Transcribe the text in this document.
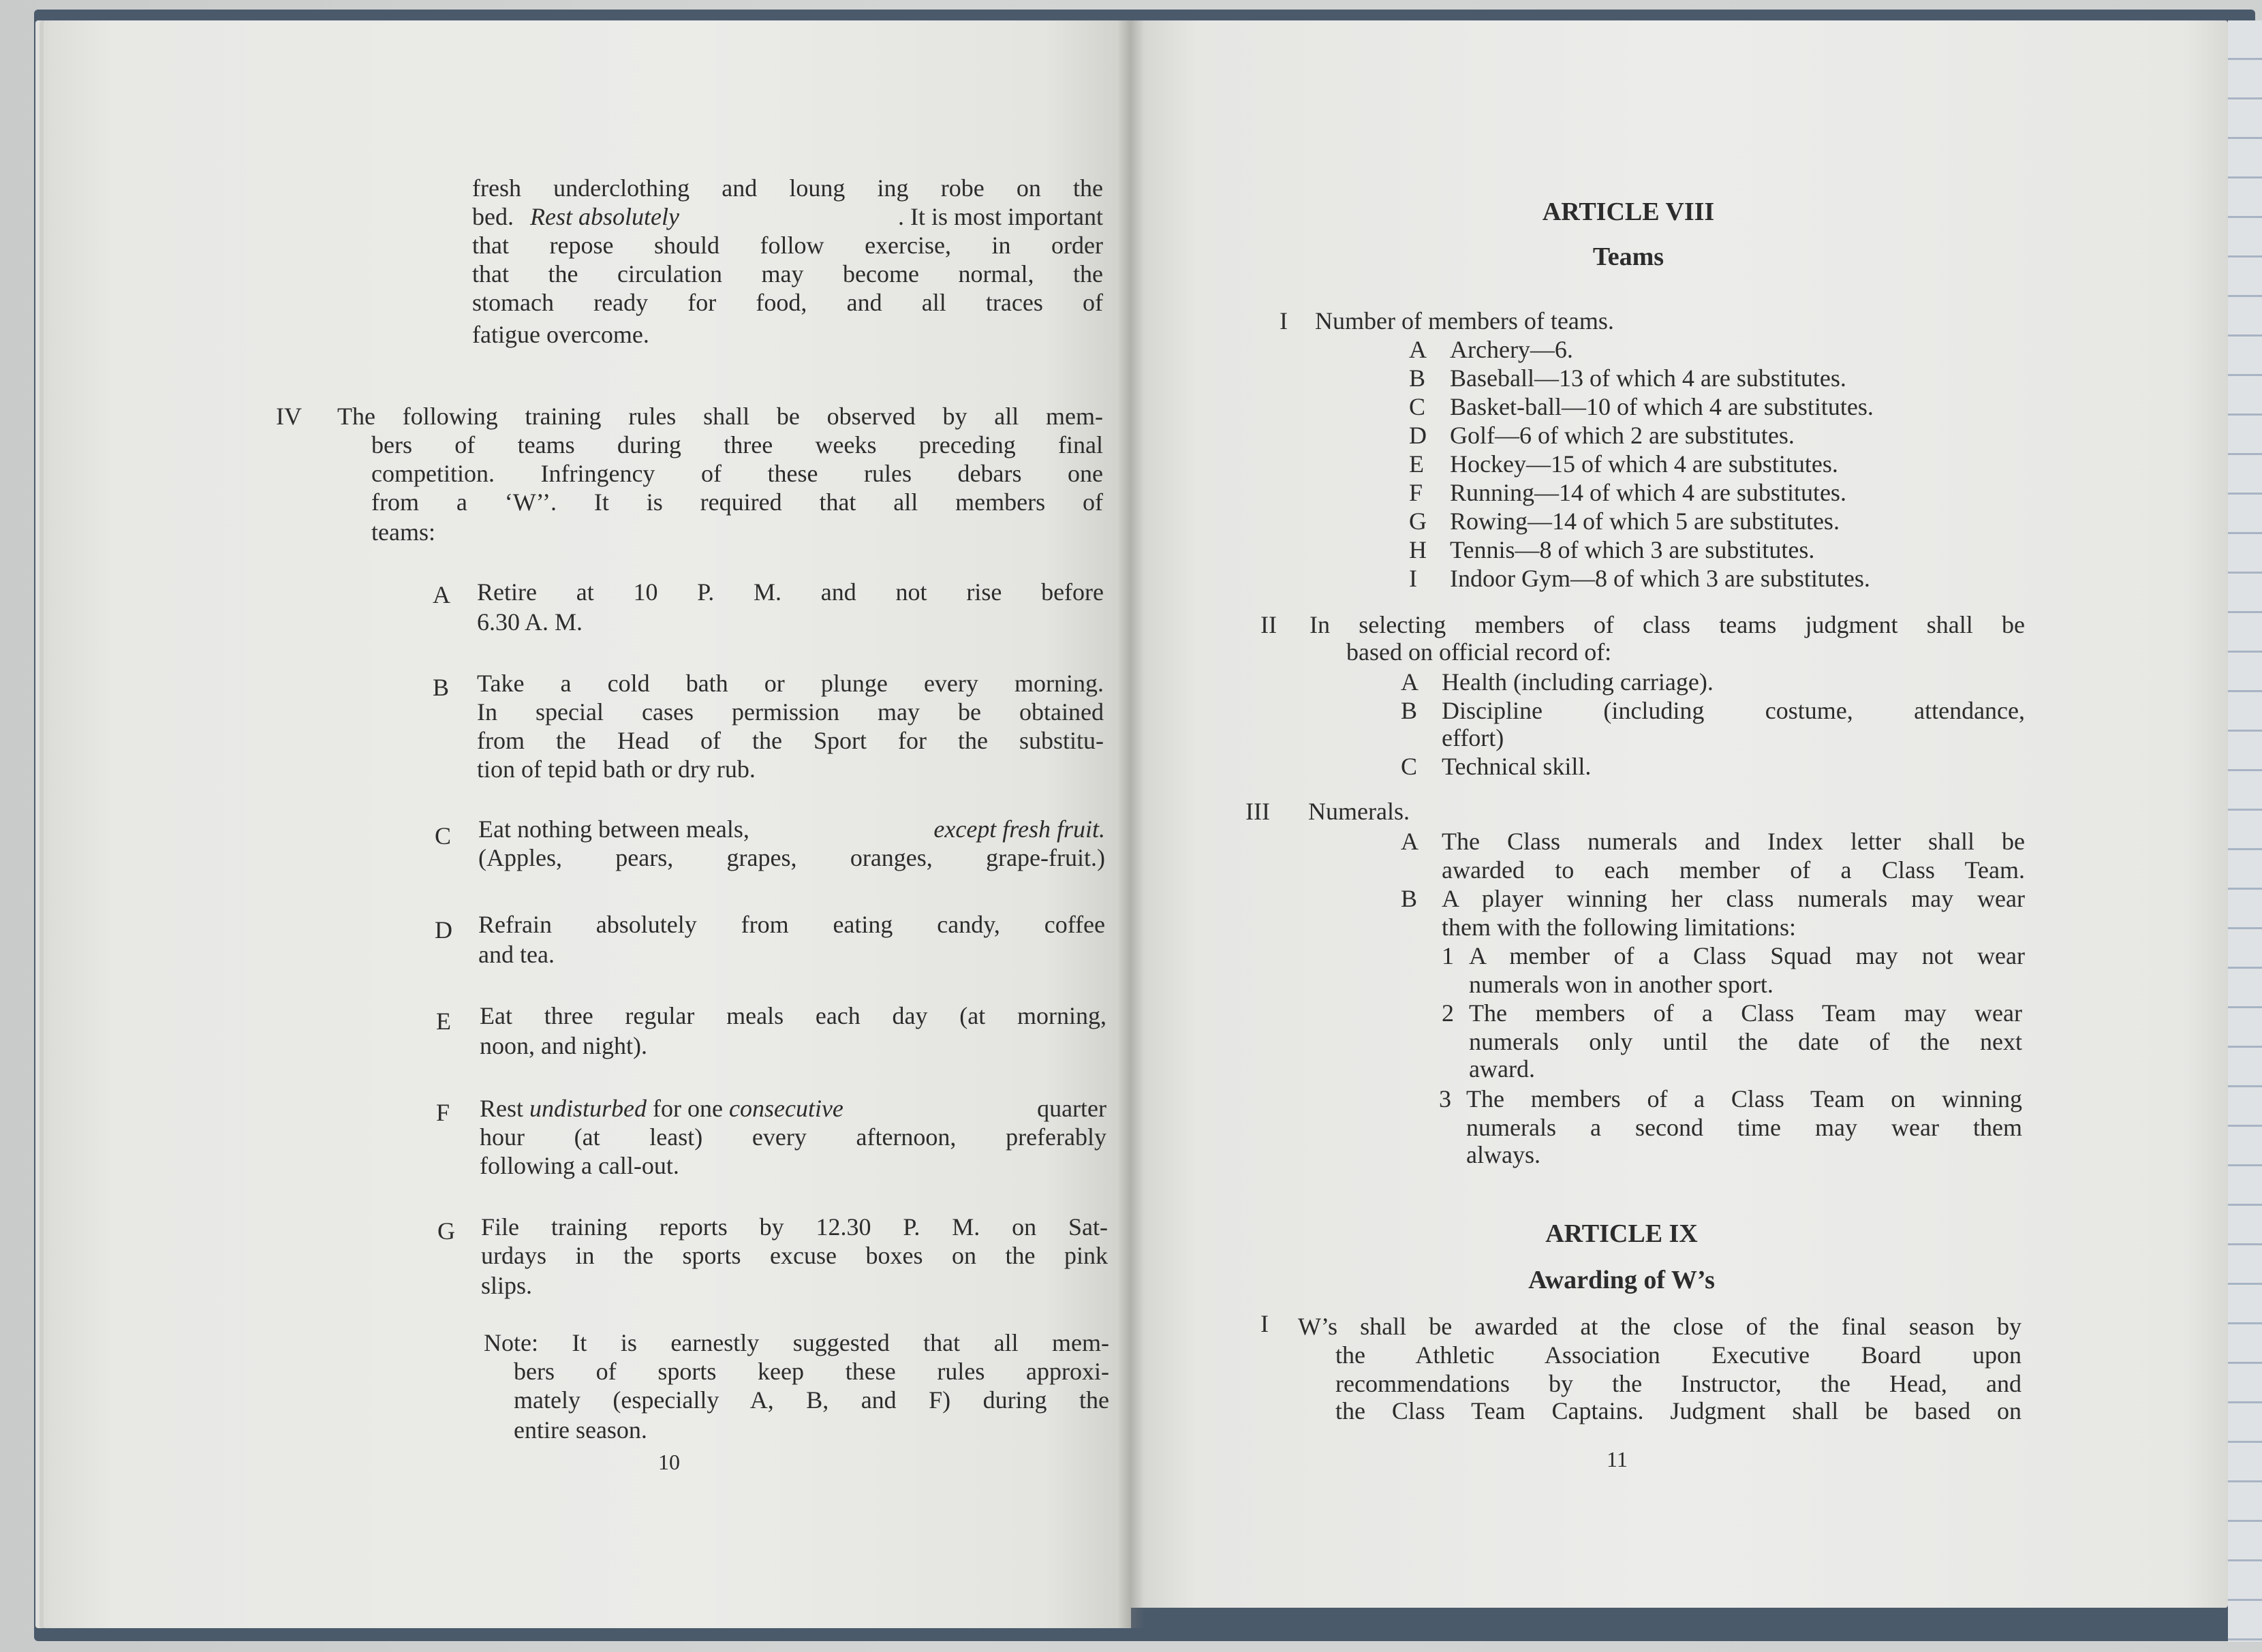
fresh underclothing and loung ing robe on the
bed. Rest absolutely	. It is most important
that repose should follow exercise, in order
that the circulation may become normal, the
stomach ready for food, and all traces of
fatigue overcome.
IV The following training rules shall be observed by all mem-
bers of teams during three weeks preceding final
competition. Infringency of these rules debars one
from a ‘W’’. It is required that all members of
teams:
A Retire at 10 P. M. and not rise before
6.30 A. M.
B Take a cold bath or plunge every morning.
In special cases permission may be obtained
from the Head of the Sport for the substitu-
tion of tepid bath or dry rub.
C Eat nothing between meals,	except fresh fruit.
(Apples, pears, grapes, oranges, grape-fruit.)
D Refrain absolutely from eating candy, coffee
and tea.
E Eat three regular meals each day (at morning,
noon, and night).
F Rest undisturbed for one consecutive	quarter
hour (at least) every afternoon, preferably
following a call-out.
G File training reports by 12.30 P. M. on Sat-
urdays in the sports excuse boxes on the pink
slips.
Note: It is earnestly suggested that all mem-
bers of sports keep these rules approxi-
mately (especially A, B, and F) during the
entire season.
10
ARTICLE VIII
Teams
I Number of members of teams.
A Archery—6.
B Baseball—13 of which 4 are substitutes.
C Basket-ball—10 of which 4 are substitutes.
D Golf—6 of which 2 are substitutes.
E Hockey—15 of which 4 are substitutes.
F Running—14 of which 4 are substitutes.
G Rowing—14 of which 5 are substitutes.
H Tennis—8 of which 3 are substitutes.
I Indoor Gym—8 of which 3 are substitutes.
II In selecting members of class teams judgment shall be
based on official record of:
A Health (including carriage).
B Discipline (including costume, attendance,
effort)
C Technical skill.
III Numerals.
A The Class numerals and Index letter shall be
awarded to each member of a Class Team.
B A player winning her class numerals may wear
them with the following limitations:
1 A member of a Class Squad may not wear
numerals won in another sport.
2 The members of a Class Team may wear
numerals only until the date of the next
award.
3 The members of a Class Team on winning
numerals a second time may wear them
always.
ARTICLE IX
Awarding of W’s
I W’s shall be awarded at the close of the final season by
the Athletic Association Executive Board upon
recommendations by the Instructor, the Head, and
the Class Team Captains. Judgment shall be based on
11
